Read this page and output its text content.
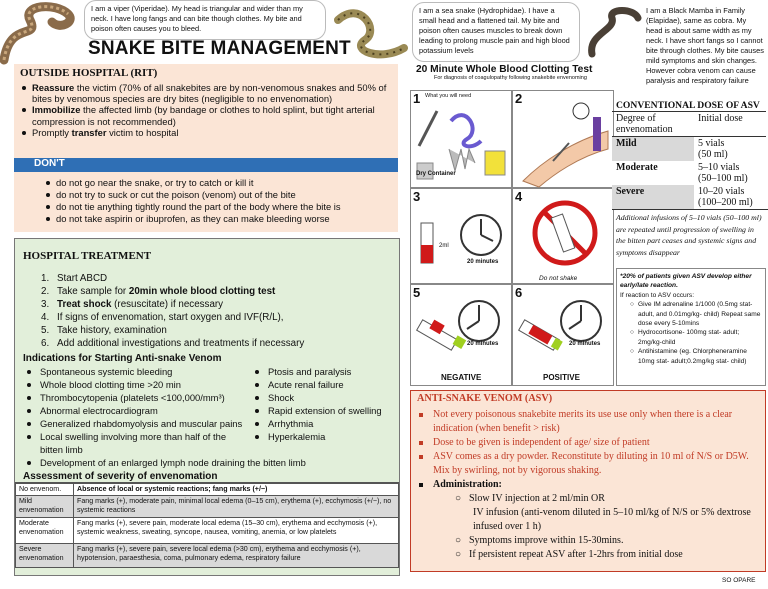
I am a viper (Viperidae). My head is triangular and wider than my neck. I have long fangs and can bite though clothes. My bite and poison often causes you to bleed.
I am a sea snake (Hydrophidae). I have a small head and a flattened tail. My bite and poison often causes muscles to break down leading to prolong muscle pain and high blood potassium levels
I am a Black Mamba in Family (Elapidae), same as cobra. My head is about same width as my neck. I have short fangs so I cannot bite through clothes. My bite causes mild symptoms and skin changes. However cobra venom can cause paralysis and respiratory failure
SNAKE BITE MANAGEMENT
OUTSIDE HOSPITAL (RIT)
Reassure the victim (70% of all snakebites are by non-venomous snakes and 50% of bites by venomous species are dry bites (negligible to no envenomation)
Immobilize the affected limb (by bandage or clothes to hold splint, but tight arterial compression is not recommended)
Promptly transfer victim to hospital
DON'T
do not go near the snake, or try to catch or kill it
do not try to suck or cut the poison (venom) out of the bite
do not tie anything tightly round the part of the body where the bite is
do not take aspirin or ibuprofen, as they can make bleeding worse
HOSPITAL TREATMENT
1. Start ABCD
2. Take sample for 20min whole blood clotting test
3. Treat shock (resuscitate) if necessary
4. If signs of envenomation, start oxygen and IVF(R/L),
5. Take history, examination
6. Add additional investigations and treatments if necessary
Indications for Starting Anti-snake Venom
Spontaneous systemic bleeding	Ptosis and paralysis
Whole blood clotting time >20 min	Acute renal failure
Thrombocytopenia (platelets <100,000/mm³)	Shock
Abnormal electrocardiogram	Rapid extension of swelling
Generalized rhabdomyolysis and muscular pains	Arrhythmia
Local swelling involving more than half of the bitten limb
Hyperkalemia
Development of an enlarged lymph node draining the bitten limb
Assessment of severity of envenomation
No envenom.	Absence of local or systemic reactions; fang marks (+/−)
Mild envenomation	Fang marks (+), moderate pain, minimal local edema (0–15 cm), erythema (+), ecchymosis (+/−), no systemic reactions
Moderate envenomation	Fang marks (+), severe pain, moderate local edema (15–30 cm), erythema and ecchymosis (+), systemic weakness, sweating, syncope, nausea, vomiting, anemia, or low platelets
Severe envenomation	Fang marks (+), severe pain, severe local edema (>30 cm), erythema and ecchymosis (+), hypotension, paraesthesia, coma, pulmonary edema, respiratory failure
20 Minute Whole Blood Clotting Test
For diagnosis of coagulopathy following snakebite envenoming
1 What you will need
Dry Container
2
3
2ml
20 minutes
4
Do not shake
5
20 minutes
NEGATIVE
6
20 minutes
POSITIVE
CONVENTIONAL DOSE OF ASV
Degree of envenomation	Initial dose
Mild	5 vials
(50 ml)

Moderate	5–10 vials
(50–100 ml)

Severe	10–20 vials
(100–200 ml)
Additional infusions of 5–10 vials (50–100 ml) are repeated until progression of swelling in the bitten part ceases and systemic signs and symptoms disappear
*20% of patients given ASV develop either early/late reaction.
If reaction to ASV occurs:
○ Give IM adrenaline 1/1000 (0.5mg stat- adult, and 0.01mg/kg- child) Repeat same dose every 5-10mins
○ Hydrocortisone- 100mg stat- adult; 2mg/kg-child
○ Antihistamine (eg. Chlorpheneramine 10mg stat- adult;0.2mg/kg stat- child)
ANTI-SNAKE VENOM (ASV)
Not every poisonous snakebite merits its use use only when there is a clear indication (when benefit > risk)
Dose to be given is independent of age/ size of patient
ASV comes as a dry powder. Reconstitute by diluting in 10 ml of N/S or D5W. Mix by swirling, not by vigorous shaking.
Administration:
○ Slow IV injection at 2 ml/min OR
IV infusion (anti-venom diluted in 5–10 ml/kg of N/S or 5% dextrose infused over 1 h)
○ Symptoms improve within 15-30mins.
○ If persistent repeat ASV after 1-2hrs from initial dose
SO OPARE
